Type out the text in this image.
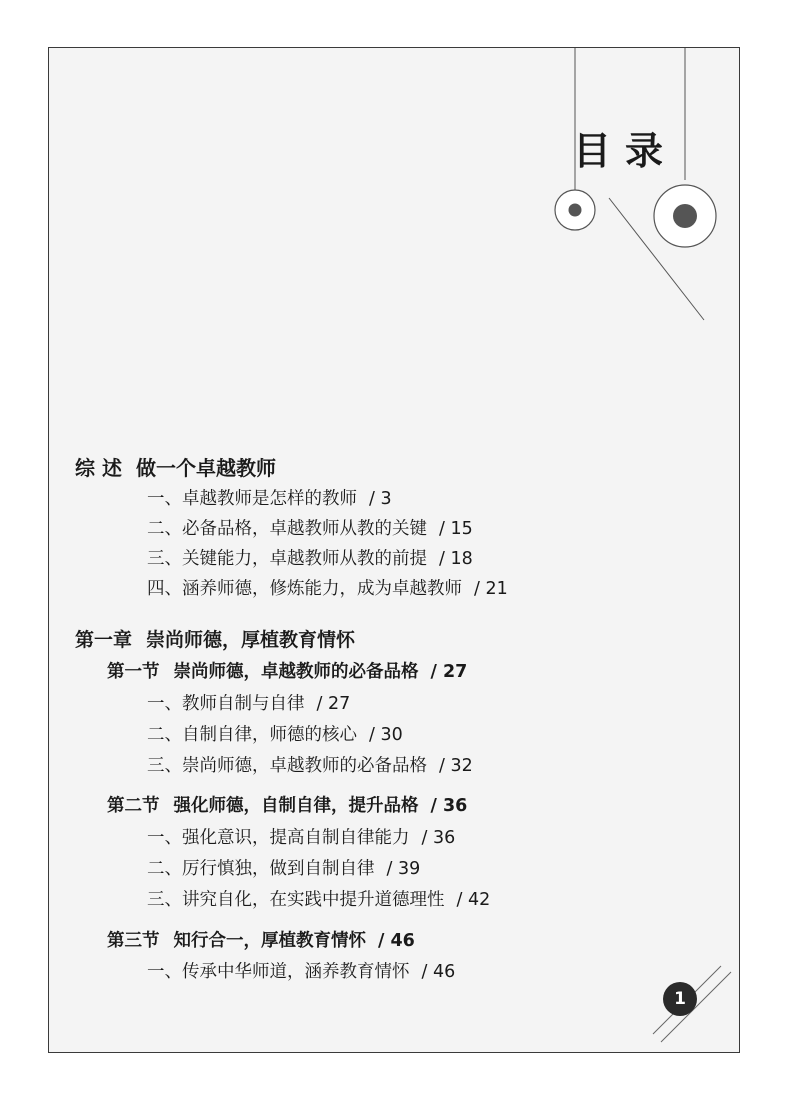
目录
综 述 做一个卓越教师
一、卓越教师是怎样的教师 / 3
二、必备品格，卓越教师从教的关键 / 15
三、关键能力，卓越教师从教的前提 / 18
四、涵养师德，修炼能力，成为卓越教师 / 21
第一章 崇尚师德，厚植教育情怀
第一节 崇尚师德，卓越教师的必备品格 / 27
一、教师自制与自律 / 27
二、自制自律，师德的核心 / 30
三、崇尚师德，卓越教师的必备品格 / 32
第二节 强化师德，自制自律，提升品格 / 36
一、强化意识，提高自制自律能力 / 36
二、厉行慎独，做到自制自律 / 39
三、讲究自化，在实践中提升道德理性 / 42
第三节 知行合一，厚植教育情怀 / 46
一、传承中华师道，涵养教育情怀 / 46
1
